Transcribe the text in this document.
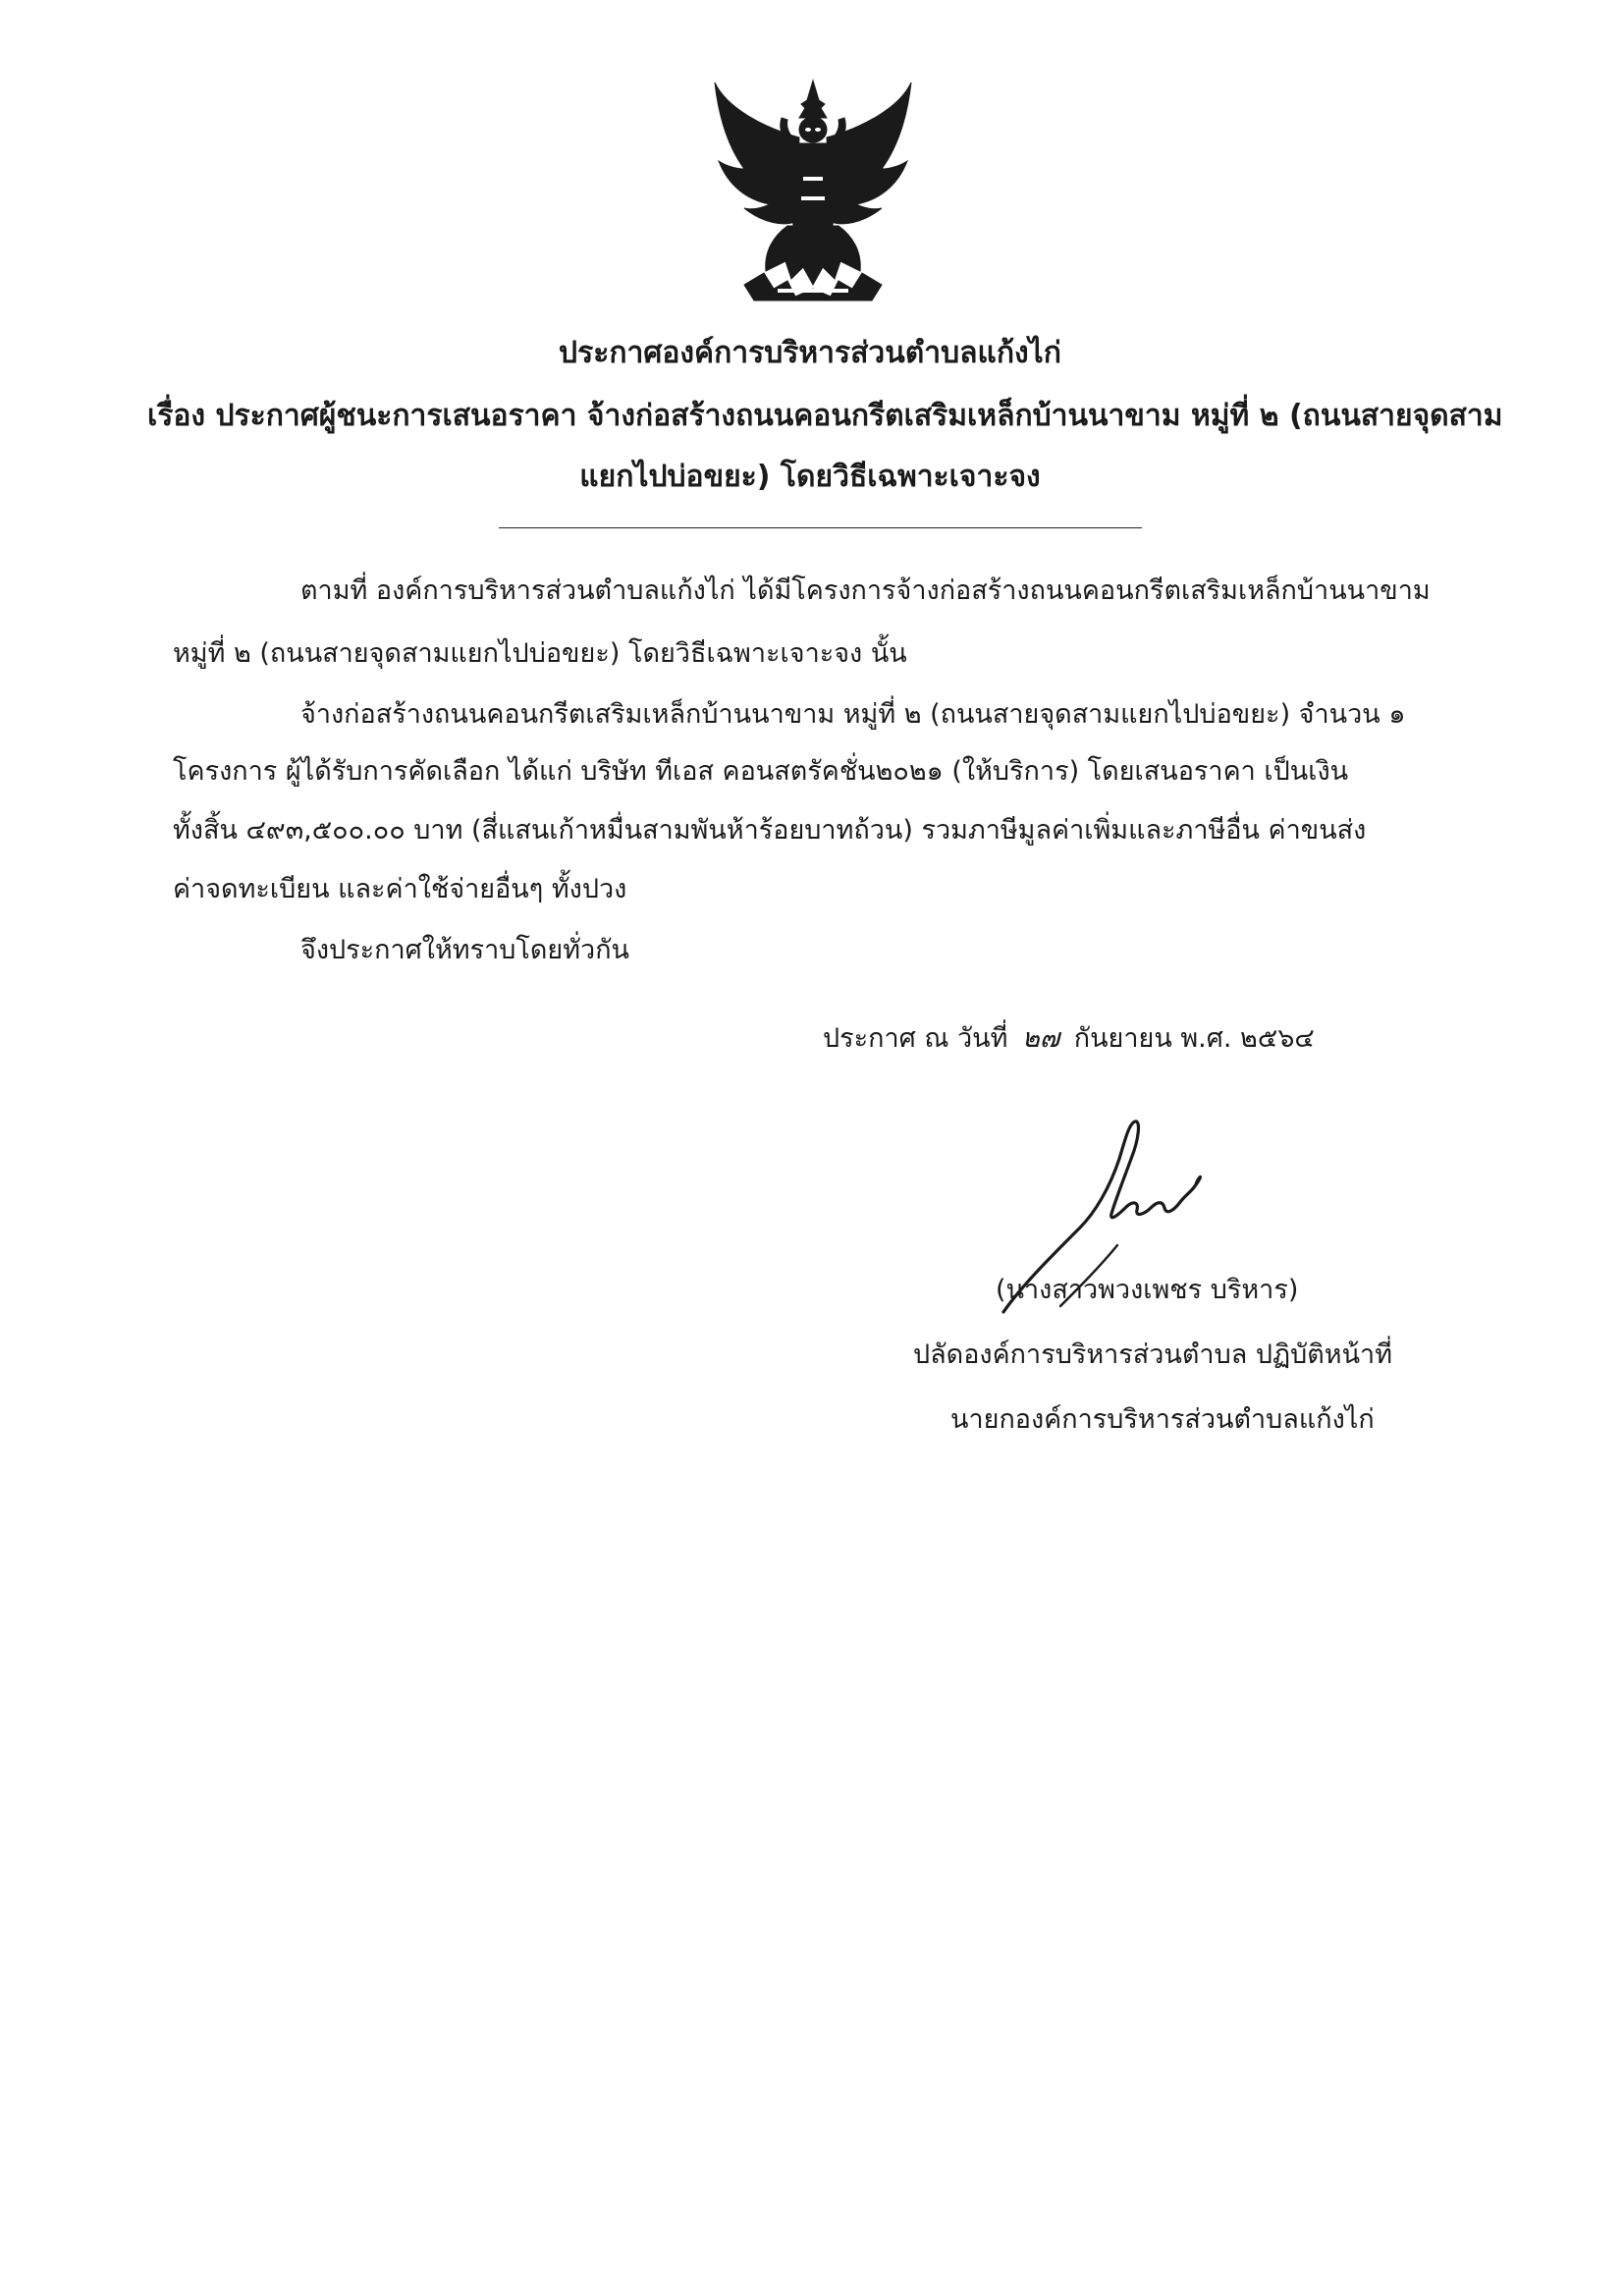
ประกาศองค์การบริหารส่วนตำบลแก้งไก่
เรื่อง ประกาศผู้ชนะการเสนอราคา จ้างก่อสร้างถนนคอนกรีตเสริมเหล็กบ้านนาขาม หมู่ที่ ๒ (ถนนสายจุดสาม
แยกไปบ่อขยะ) โดยวิธีเฉพาะเจาะจง
ตามที่ องค์การบริหารส่วนตำบลแก้งไก่ ได้มีโครงการจ้างก่อสร้างถนนคอนกรีตเสริมเหล็กบ้านนาขาม
หมู่ที่ ๒ (ถนนสายจุดสามแยกไปบ่อขยะ) โดยวิธีเฉพาะเจาะจง นั้น
จ้างก่อสร้างถนนคอนกรีตเสริมเหล็กบ้านนาขาม หมู่ที่ ๒ (ถนนสายจุดสามแยกไปบ่อขยะ) จำนวน ๑
โครงการ ผู้ได้รับการคัดเลือก ได้แก่ บริษัท ทีเอส คอนสตรัคชั่น๒๐๒๑ (ให้บริการ) โดยเสนอราคา เป็นเงิน
ทั้งสิ้น ๔๙๓,๕๐๐.๐๐ บาท (สี่แสนเก้าหมื่นสามพันห้าร้อยบาทถ้วน) รวมภาษีมูลค่าเพิ่มและภาษีอื่น ค่าขนส่ง
ค่าจดทะเบียน และค่าใช้จ่ายอื่นๆ ทั้งปวง
จึงประกาศให้ทราบโดยทั่วกัน
ประกาศ ณ วันที่ ๒๗ กันยายน พ.ศ. ๒๕๖๔
(นางสาวพวงเพชร บริหาร)
ปลัดองค์การบริหารส่วนตำบล ปฏิบัติหน้าที่
นายกองค์การบริหารส่วนตำบลแก้งไก่
